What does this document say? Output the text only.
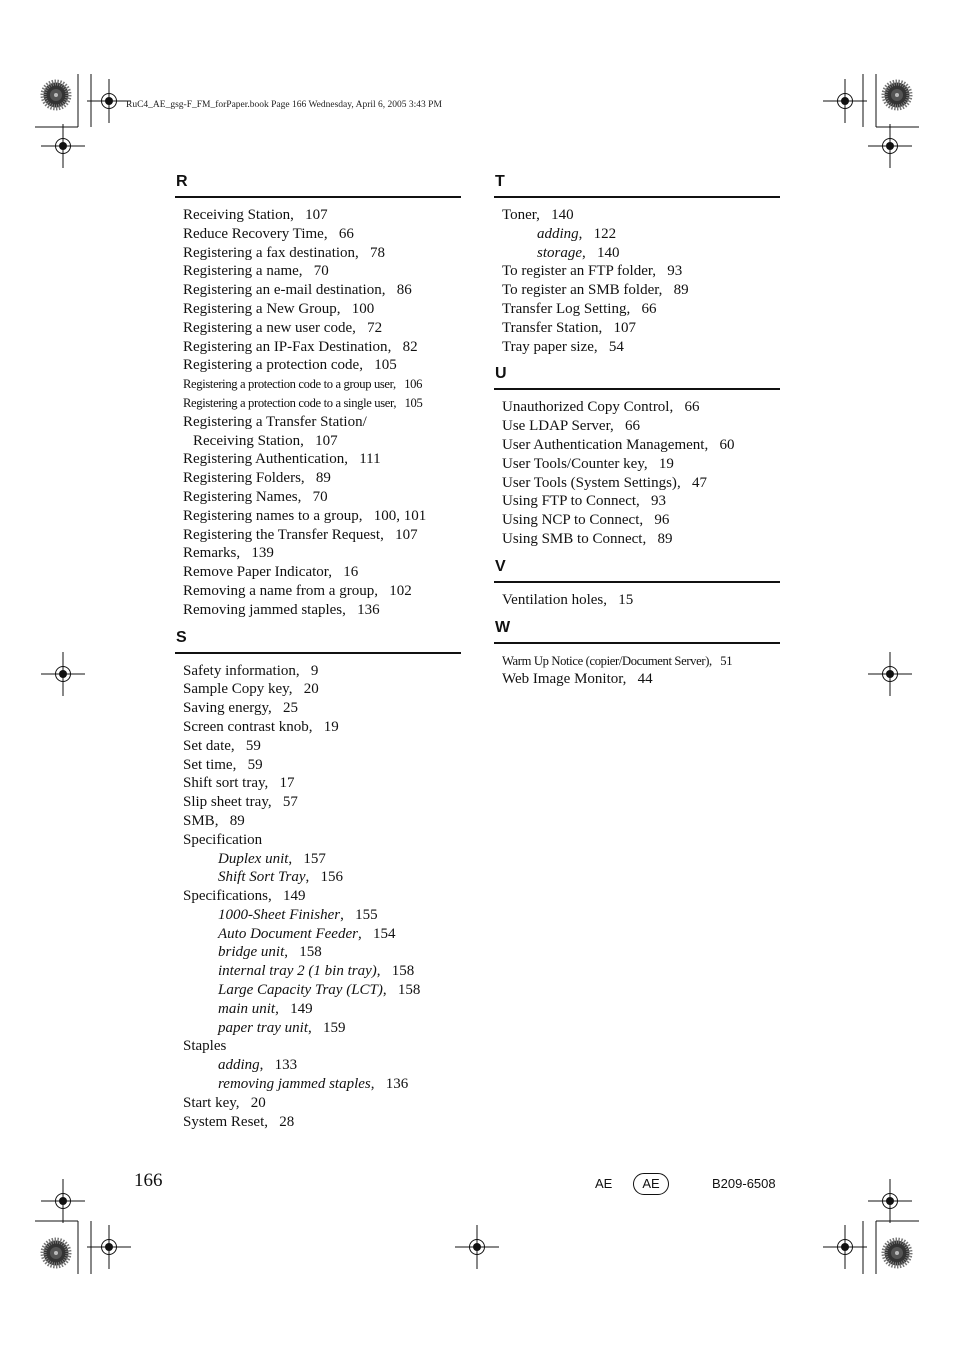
RuC4_AE_gsg-F_FM_forPaper.book Page 166 Wednesday, April 6, 2005 3:43 PM
R
Receiving Station,   107
Reduce Recovery Time,   66
Registering a fax destination,   78
Registering a name,   70
Registering an e-mail destination,   86
Registering a New Group,   100
Registering a new user code,   72
Registering an IP-Fax Destination,   82
Registering a protection code,   105
Registering a protection code to a group user,   106
Registering a protection code to a single user,   105
Registering a Transfer Station/
Receiving Station,   107
Registering Authentication,   111
Registering Folders,   89
Registering Names,   70
Registering names to a group,   100, 101
Registering the Transfer Request,   107
Remarks,   139
Remove Paper Indicator,   16
Removing a name from a group,   102
Removing jammed staples,   136
S
Safety information,   9
Sample Copy key,   20
Saving energy,   25
Screen contrast knob,   19
Set date,   59
Set time,   59
Shift sort tray,   17
Slip sheet tray,   57
SMB,   89
Specification
Duplex unit,   157
Shift Sort Tray,   156
Specifications,   149
1000-Sheet Finisher,   155
Auto Document Feeder,   154
bridge unit,   158
internal tray 2 (1 bin tray),   158
Large Capacity Tray (LCT),   158
main unit,   149
paper tray unit,   159
Staples
adding,   133
removing jammed staples,   136
Start key,   20
System Reset,   28
T
Toner,   140
adding,   122
storage,   140
To register an FTP folder,   93
To register an SMB folder,   89
Transfer Log Setting,   66
Transfer Station,   107
Tray paper size,   54
U
Unauthorized Copy Control,   66
Use LDAP Server,   66
User Authentication Management,   60
User Tools/Counter key,   19
User Tools (System Settings),   47
Using FTP to Connect,   93
Using NCP to Connect,   96
Using SMB to Connect,   89
V
Ventilation holes,   15
W
Warm Up Notice (copier/Document Server),   51
Web Image Monitor,   44
166	AE	AE	B209-6508
